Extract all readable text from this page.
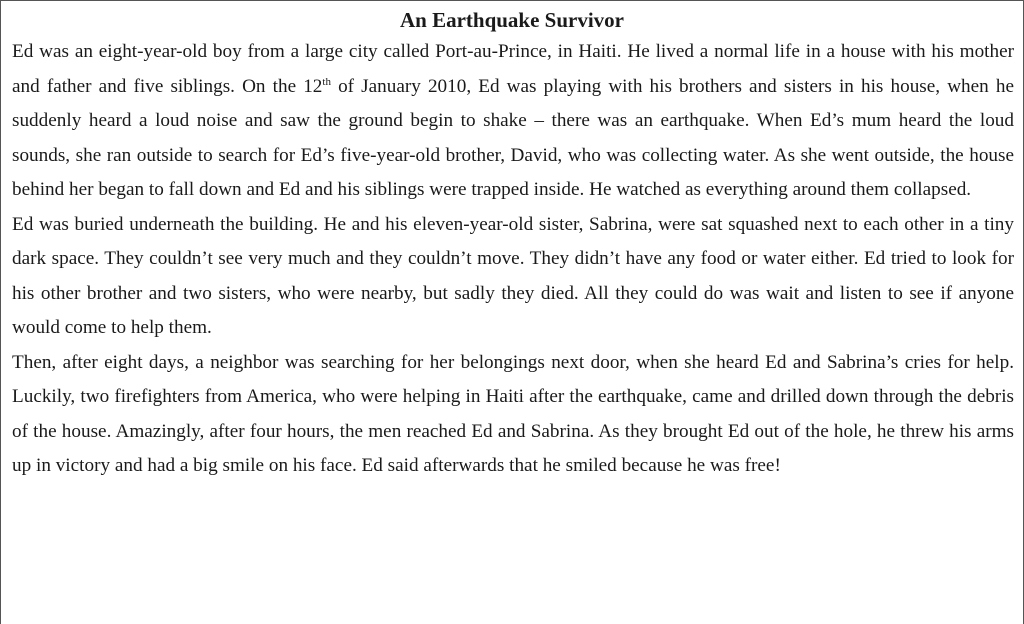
An Earthquake Survivor

Ed was an eight-year-old boy from a large city called Port-au-Prince, in Haiti. He lived a normal life in a house with his mother and father and five siblings. On the 12th of January 2010, Ed was playing with his brothers and sisters in his house, when he suddenly heard a loud noise and saw the ground begin to shake – there was an earthquake. When Ed’s mum heard the loud sounds, she ran outside to search for Ed’s five-year-old brother, David, who was collecting water. As she went outside, the house behind her began to fall down and Ed and his siblings were trapped inside. He watched as everything around them collapsed.

Ed was buried underneath the building. He and his eleven-year-old sister, Sabrina, were sat squashed next to each other in a tiny dark space. They couldn’t see very much and they couldn’t move. They didn’t have any food or water either. Ed tried to look for his other brother and two sisters, who were nearby, but sadly they died. All they could do was wait and listen to see if anyone would come to help them.

Then, after eight days, a neighbor was searching for her belongings next door, when she heard Ed and Sabrina’s cries for help. Luckily, two firefighters from America, who were helping in Haiti after the earthquake, came and drilled down through the debris of the house. Amazingly, after four hours, the men reached Ed and Sabrina. As they brought Ed out of the hole, he threw his arms up in victory and had a big smile on his face. Ed said afterwards that he smiled because he was free!
